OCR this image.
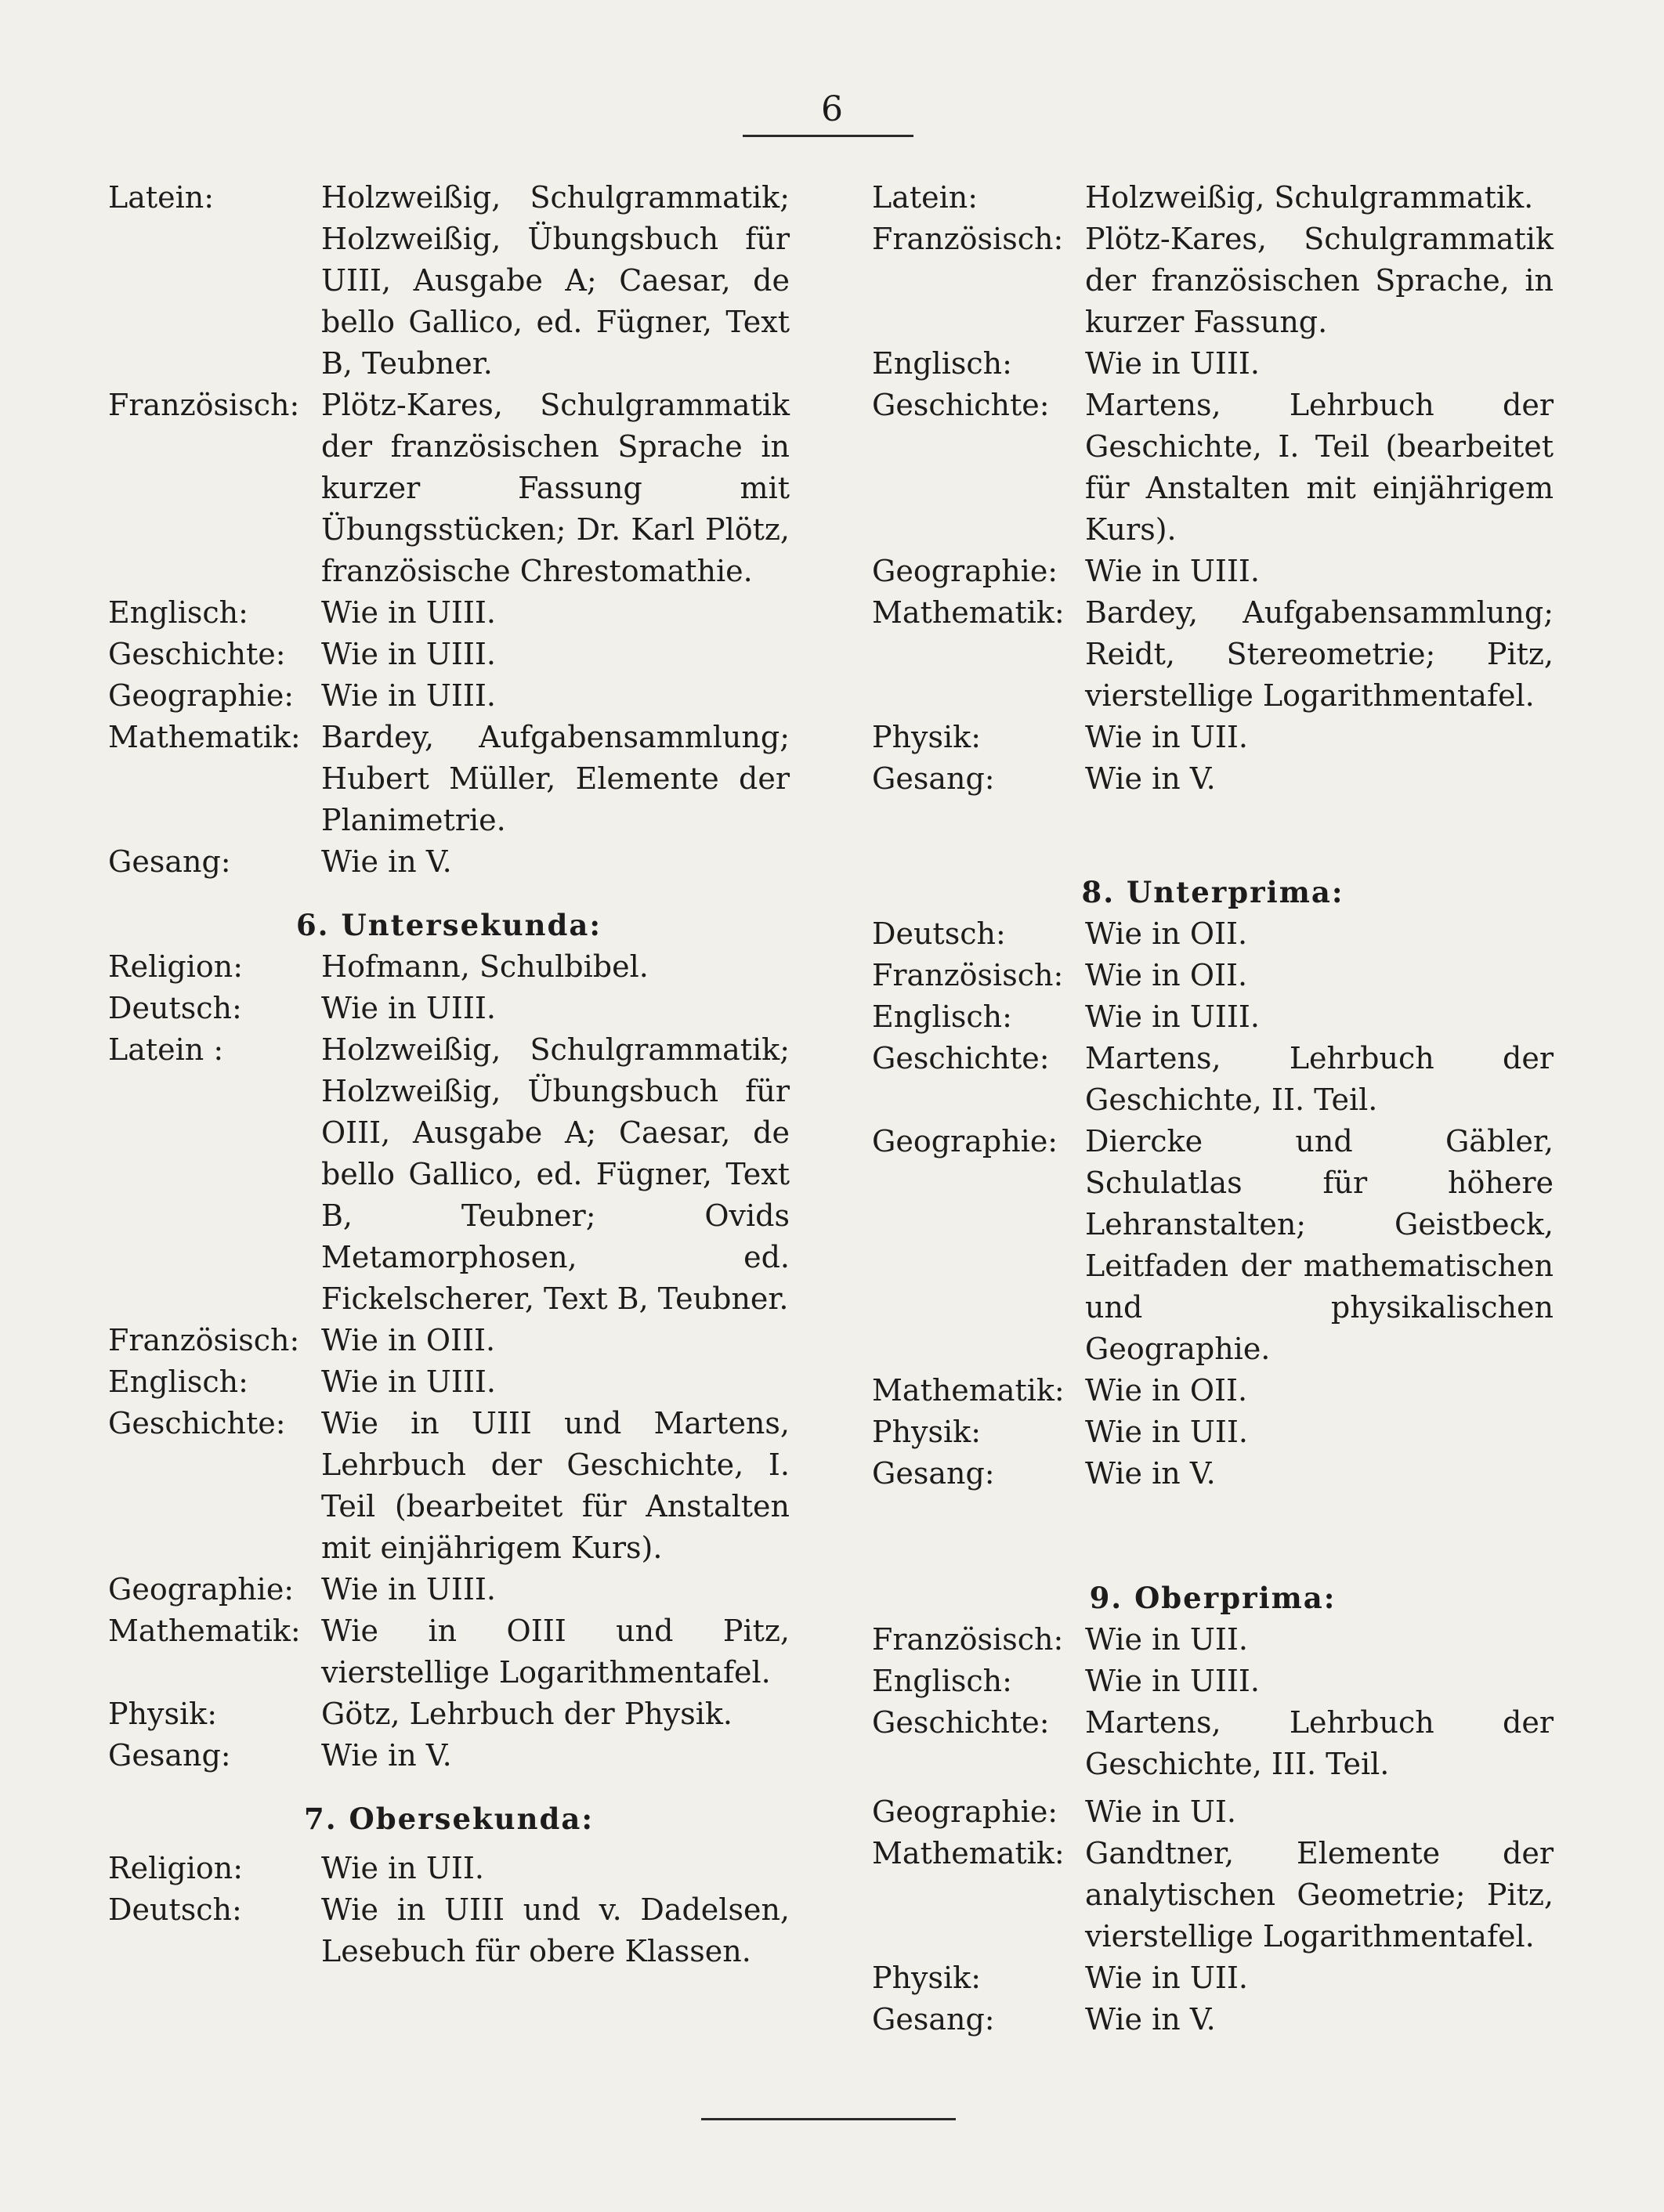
6
Latein:	Holzweißig, Schulgrammatik; Holzweißig, Übungsbuch für UIII, Ausgabe A; Caesar, de bello Gallico, ed. Fügner, Text B, Teubner.
Französisch: Plötz-Kares, Schulgrammatik der französischen Sprache in kurzer Fassung mit Übungsstücken; Dr. Karl Plötz, französische Chrestomathie.
Englisch:	Wie in UIII.
Geschichte:	Wie in UIII.
Geographie: Wie in UIII.
Mathematik: Bardey, Aufgabensammlung; Hubert Müller, Elemente der Planimetrie.
Gesang:	Wie in V.
6. Untersekunda:
Religion:	Hofmann, Schulbibel.
Deutsch:	Wie in UIII.
Latein :	Holzweißig, Schulgrammatik; Holzweißig, Übungsbuch für OIII, Ausgabe A; Caesar, de bello Gallico, ed. Fügner, Text B, Teubner; Ovids Metamorphosen, ed. Fickelscherer, Text B, Teubner.
Französisch: Wie in OIII.
Englisch:	Wie in UIII.
Geschichte:	Wie in UIII und Martens, Lehrbuch der Geschichte, I. Teil (bearbeitet für Anstalten mit einjährigem Kurs).
Geographie: Wie in UIII.
Mathematik: Wie in OIII und Pitz, vierstellige Logarithmentafel.
Physik:	Götz, Lehrbuch der Physik.
Gesang:	Wie in V.
7. Obersekunda:
Religion:	Wie in UII.
Deutsch:	Wie in UIII und v. Dadelsen, Lesebuch für obere Klassen.
Latein:	Holzweißig, Schulgrammatik.
Französisch: Plötz-Kares, Schulgrammatik der französischen Sprache, in kurzer Fassung.
Englisch:	Wie in UIII.
Geschichte:	Martens, Lehrbuch der Geschichte, I. Teil (bearbeitet für Anstalten mit einjährigem Kurs).
Geographie: Wie in UIII.
Mathematik: Bardey, Aufgabensammlung; Reidt, Stereometrie; Pitz, vierstellige Logarithmentafel.
Physik:	Wie in UII.
Gesang:	Wie in V.
8. Unterprima:
Deutsch:	Wie in OII.
Französisch: Wie in OII.
Englisch:	Wie in UIII.
Geschichte:	Martens, Lehrbuch der Geschichte, II. Teil.
Geographie: Diercke und Gäbler, Schulatlas für höhere Lehranstalten; Geistbeck, Leitfaden der mathematischen und physikalischen Geographie.
Mathematik: Wie in OII.
Physik:	Wie in UII.
Gesang:	Wie in V.
9. Oberprima:
Französisch: Wie in UII.
Englisch:	Wie in UIII.
Geschichte:	Martens, Lehrbuch der Geschichte, III. Teil.
Geographie: Wie in UI.
Mathematik: Gandtner, Elemente der analytischen Geometrie; Pitz, vierstellige Logarithmentafel.
Physik:	Wie in UII.
Gesang:	Wie in V.
